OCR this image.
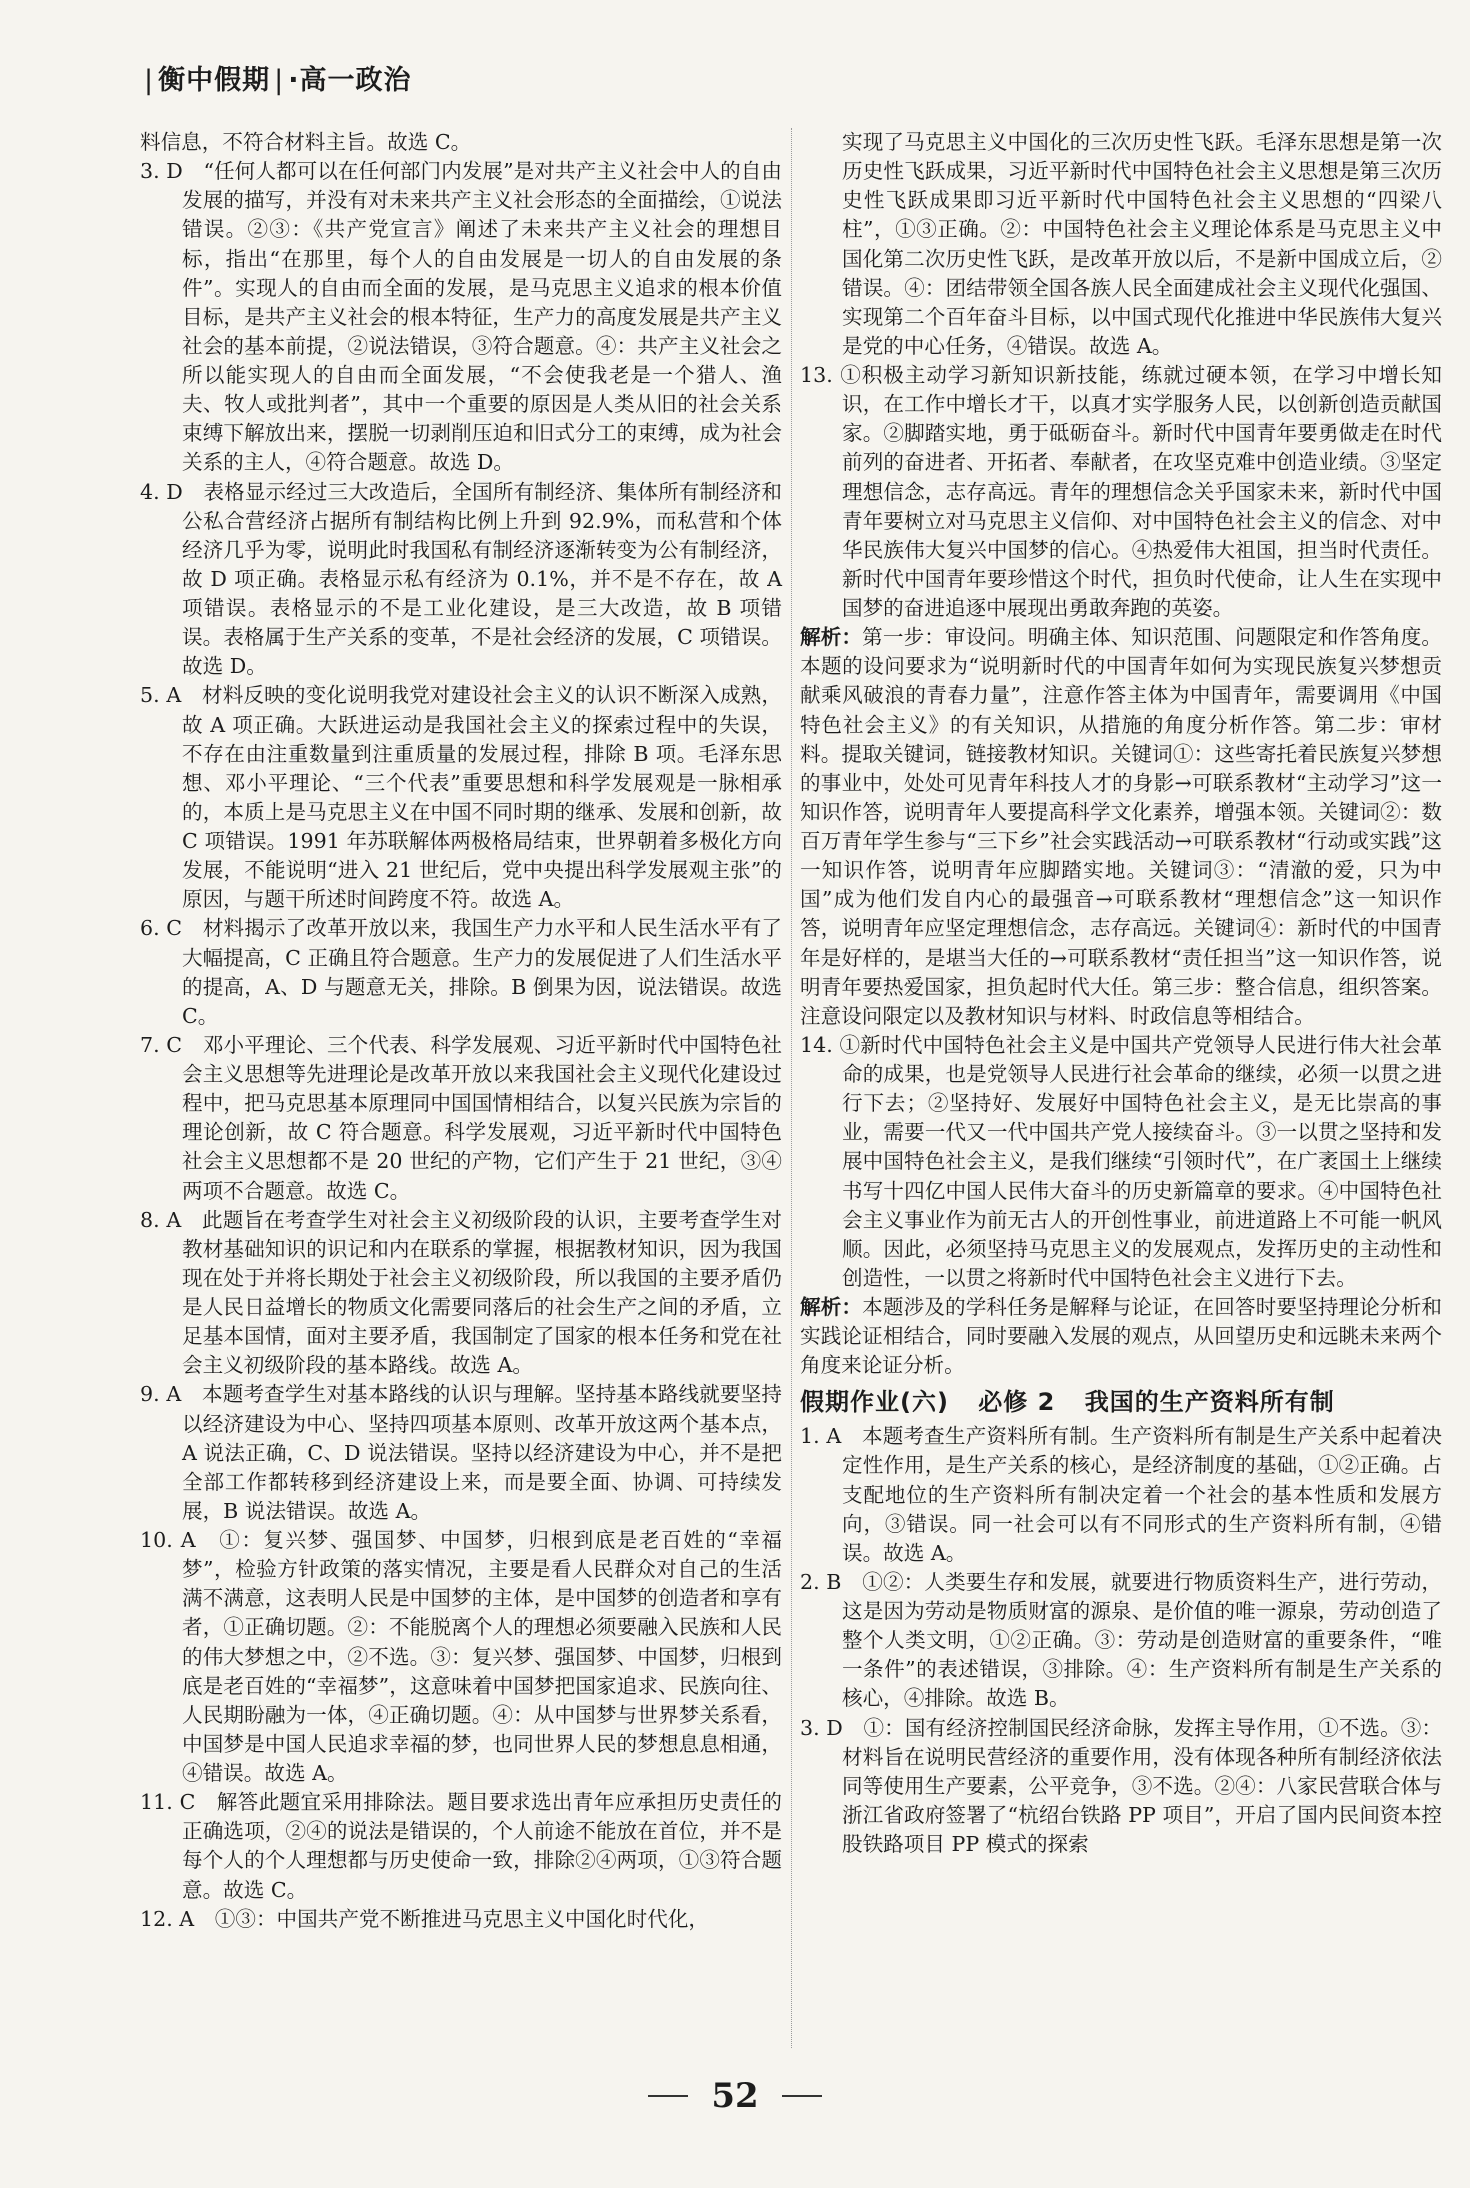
| 衡中假期 | ·高一政治

料信息，不符合材料主旨。故选 C。

3. D　“任何人都可以在任何部门内发展”是对共产主义社会中人的自由发展的描写，并没有对未来共产主义社会形态的全面描绘，①说法错误。②③：《共产党宣言》阐述了未来共产主义社会的理想目标，指出“在那里，每个人的自由发展是一切人的自由发展的条件”。实现人的自由而全面的发展，是马克思主义追求的根本价值目标，是共产主义社会的根本特征，生产力的高度发展是共产主义社会的基本前提，②说法错误，③符合题意。④：共产主义社会之所以能实现人的自由而全面发展，“不会使我老是一个猎人、渔夫、牧人或批判者”，其中一个重要的原因是人类从旧的社会关系束缚下解放出来，摆脱一切剥削压迫和旧式分工的束缚，成为社会关系的主人，④符合题意。故选 D。

4. D　表格显示经过三大改造后，全国所有制经济、集体所有制经济和公私合营经济占据所有制结构比例上升到 92.9%，而私营和个体经济几乎为零，说明此时我国私有制经济逐渐转变为公有制经济，故 D 项正确。表格显示私有经济为 0.1%，并不是不存在，故 A 项错误。表格显示的不是工业化建设，是三大改造，故 B 项错误。表格属于生产关系的变革，不是社会经济的发展，C 项错误。故选 D。

5. A　材料反映的变化说明我党对建设社会主义的认识不断深入成熟，故 A 项正确。大跃进运动是我国社会主义的探索过程中的失误，不存在由注重数量到注重质量的发展过程，排除 B 项。毛泽东思想、邓小平理论、“三个代表”重要思想和科学发展观是一脉相承的，本质上是马克思主义在中国不同时期的继承、发展和创新，故 C 项错误。1991 年苏联解体两极格局结束，世界朝着多极化方向发展，不能说明“进入 21 世纪后，党中央提出科学发展观主张”的原因，与题干所述时间跨度不符。故选 A。

6. C　材料揭示了改革开放以来，我国生产力水平和人民生活水平有了大幅提高，C 正确且符合题意。生产力的发展促进了人们生活水平的提高，A、D 与题意无关，排除。B 倒果为因，说法错误。故选 C。

7. C　邓小平理论、三个代表、科学发展观、习近平新时代中国特色社会主义思想等先进理论是改革开放以来我国社会主义现代化建设过程中，把马克思基本原理同中国国情相结合，以复兴民族为宗旨的理论创新，故 C 符合题意。科学发展观，习近平新时代中国特色社会主义思想都不是 20 世纪的产物，它们产生于 21 世纪，③④两项不合题意。故选 C。

8. A　此题旨在考查学生对社会主义初级阶段的认识，主要考查学生对教材基础知识的识记和内在联系的掌握，根据教材知识，因为我国现在处于并将长期处于社会主义初级阶段，所以我国的主要矛盾仍是人民日益增长的物质文化需要同落后的社会生产之间的矛盾，立足基本国情，面对主要矛盾，我国制定了国家的根本任务和党在社会主义初级阶段的基本路线。故选 A。

9. A　本题考查学生对基本路线的认识与理解。坚持基本路线就要坚持以经济建设为中心、坚持四项基本原则、改革开放这两个基本点，A 说法正确，C、D 说法错误。坚持以经济建设为中心，并不是把全部工作都转移到经济建设上来，而是要全面、协调、可持续发展，B 说法错误。故选 A。

10. A　①：复兴梦、强国梦、中国梦，归根到底是老百姓的“幸福梦”，检验方针政策的落实情况，主要是看人民群众对自己的生活满不满意，这表明人民是中国梦的主体，是中国梦的创造者和享有者，①正确切题。②：不能脱离个人的理想必须要融入民族和人民的伟大梦想之中，②不选。③：复兴梦、强国梦、中国梦，归根到底是老百姓的“幸福梦”，这意味着中国梦把国家追求、民族向往、人民期盼融为一体，④正确切题。④：从中国梦与世界梦关系看，中国梦是中国人民追求幸福的梦，也同世界人民的梦想息息相通，④错误。故选 A。

11. C　解答此题宜采用排除法。题目要求选出青年应承担历史责任的正确选项，②④的说法是错误的，个人前途不能放在首位，并不是每个人的个人理想都与历史使命一致，排除②④两项，①③符合题意。故选 C。

12. A　①③：中国共产党不断推进马克思主义中国化时代化，

实现了马克思主义中国化的三次历史性飞跃。毛泽东思想是第一次历史性飞跃成果，习近平新时代中国特色社会主义思想是第三次历史性飞跃成果即习近平新时代中国特色社会主义思想的“四梁八柱”，①③正确。②：中国特色社会主义理论体系是马克思主义中国化第二次历史性飞跃，是改革开放以后，不是新中国成立后，②错误。④：团结带领全国各族人民全面建成社会主义现代化强国、实现第二个百年奋斗目标，以中国式现代化推进中华民族伟大复兴是党的中心任务，④错误。故选 A。

13. ①积极主动学习新知识新技能，练就过硬本领，在学习中增长知识，在工作中增长才干，以真才实学服务人民，以创新创造贡献国家。②脚踏实地，勇于砥砺奋斗。新时代中国青年要勇做走在时代前列的奋进者、开拓者、奉献者，在攻坚克难中创造业绩。③坚定理想信念，志存高远。青年的理想信念关乎国家未来，新时代中国青年要树立对马克思主义信仰、对中国特色社会主义的信念、对中华民族伟大复兴中国梦的信心。④热爱伟大祖国，担当时代责任。新时代中国青年要珍惜这个时代，担负时代使命，让人生在实现中国梦的奋进追逐中展现出勇敢奔跑的英姿。

解析：第一步：审设问。明确主体、知识范围、问题限定和作答角度。本题的设问要求为“说明新时代的中国青年如何为实现民族复兴梦想贡献乘风破浪的青春力量”，注意作答主体为中国青年，需要调用《中国特色社会主义》的有关知识，从措施的角度分析作答。第二步：审材料。提取关键词，链接教材知识。关键词①：这些寄托着民族复兴梦想的事业中，处处可见青年科技人才的身影→可联系教材“主动学习”这一知识作答，说明青年人要提高科学文化素养，增强本领。关键词②：数百万青年学生参与“三下乡”社会实践活动→可联系教材“行动或实践”这一知识作答，说明青年应脚踏实地。关键词③：“清澈的爱，只为中国”成为他们发自内心的最强音→可联系教材“理想信念”这一知识作答，说明青年应坚定理想信念，志存高远。关键词④：新时代的中国青年是好样的，是堪当大任的→可联系教材“责任担当”这一知识作答，说明青年要热爱国家，担负起时代大任。第三步：整合信息，组织答案。注意设问限定以及教材知识与材料、时政信息等相结合。

14. ①新时代中国特色社会主义是中国共产党领导人民进行伟大社会革命的成果，也是党领导人民进行社会革命的继续，必须一以贯之进行下去；②坚持好、发展好中国特色社会主义，是无比崇高的事业，需要一代又一代中国共产党人接续奋斗。③一以贯之坚持和发展中国特色社会主义，是我们继续“引领时代”，在广袤国土上继续书写十四亿中国人民伟大奋斗的历史新篇章的要求。④中国特色社会主义事业作为前无古人的开创性事业，前进道路上不可能一帆风顺。因此，必须坚持马克思主义的发展观点，发挥历史的主动性和创造性，一以贯之将新时代中国特色社会主义进行下去。

解析：本题涉及的学科任务是解释与论证，在回答时要坚持理论分析和实践论证相结合，同时要融入发展的观点，从回望历史和远眺未来两个角度来论证分析。

假期作业(六) 必修 2 我国的生产资料所有制

1. A　本题考查生产资料所有制。生产资料所有制是生产关系中起着决定性作用，是生产关系的核心，是经济制度的基础，①②正确。占支配地位的生产资料所有制决定着一个社会的基本性质和发展方向，③错误。同一社会可以有不同形式的生产资料所有制，④错误。故选 A。

2. B　①②：人类要生存和发展，就要进行物质资料生产，进行劳动，这是因为劳动是物质财富的源泉、是价值的唯一源泉，劳动创造了整个人类文明，①②正确。③：劳动是创造财富的重要条件，“唯一条件”的表述错误，③排除。④：生产资料所有制是生产关系的核心，④排除。故选 B。

3. D　①：国有经济控制国民经济命脉，发挥主导作用，①不选。③：材料旨在说明民营经济的重要作用，没有体现各种所有制经济依法同等使用生产要素，公平竞争，③不选。②④：八家民营联合体与浙江省政府签署了“杭绍台铁路 PP 项目”，开启了国内民间资本控股铁路项目 PP 模式的探索

52
